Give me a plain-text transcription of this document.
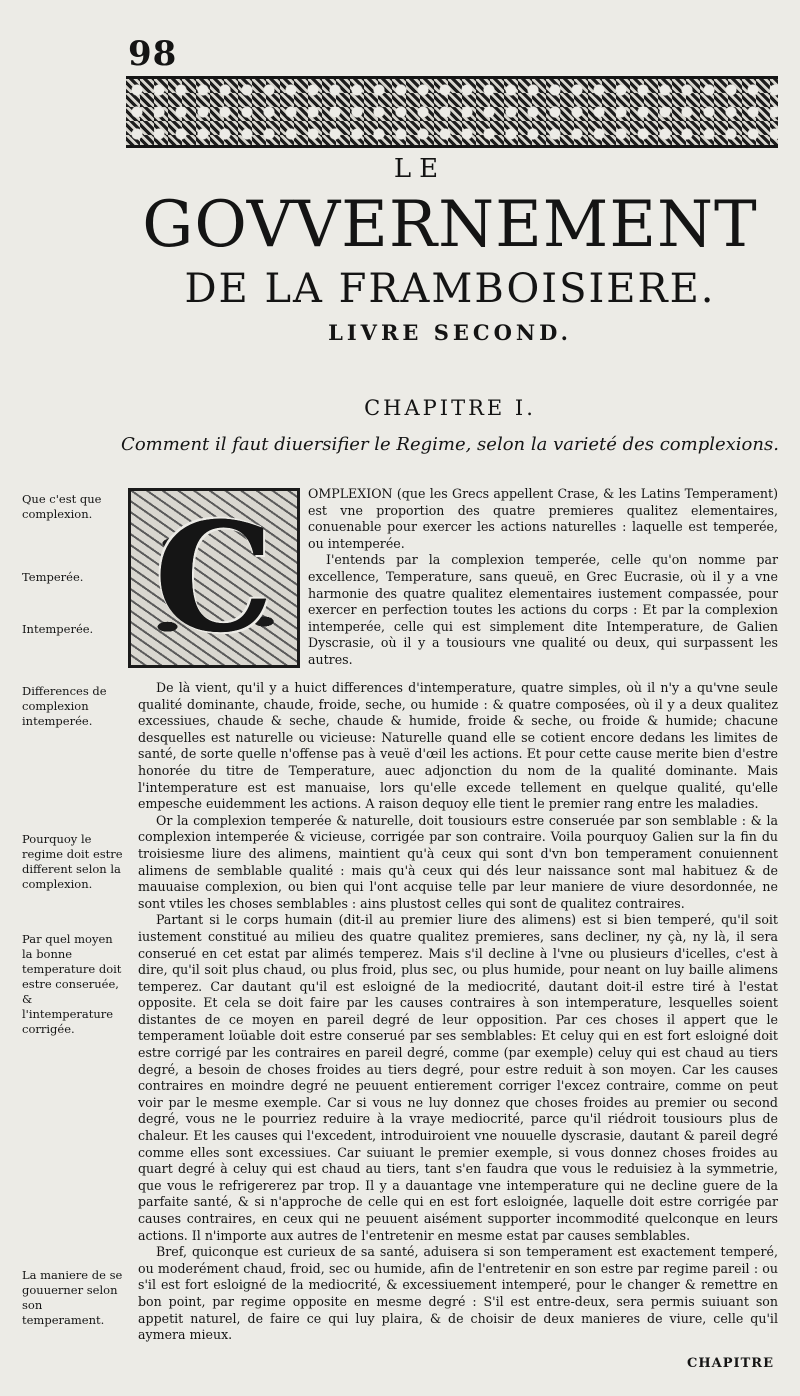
98
LE
GOVVERNEMENT
DE LA FRAMBOISIERE.
LIVRE SECOND.
CHAPITRE I.
Comment il faut diuersifier le Regime, selon la varieté des complexions.
Que c'est que complexion.
Temperée.
Intemperée.
Differences de complexion intemperée.
Pourquoy le regime doit estre different selon la complexion.
Par quel moyen la bonne temperature doit estre conseruée, & l'intemperature corrigée.
La maniere de se gouuerner selon son temperament.
C	OMPLEXION (que les Grecs appellent Crase, & les Latins Temperament) est vne proportion des quatre premieres qualitez elementaires, conuenable pour exercer les actions naturelles : laquelle est temperée, ou intemperée.

I'entends par la complexion temperée, celle qu'on nomme par excellence, Temperature, sans queuë, en Grec Eucrasie, où il y a vne harmonie des quatre qualitez elementaires iustement compassée, pour exercer en perfection toutes les actions du corps : Et par la complexion intemperée, celle qui est simplement dite Intemperature, de Galien Dyscrasie, où il y a tousiours vne qualité ou deux, qui surpassent les autres.

De là vient, qu'il y a huict differences d'intemperature, quatre simples, où il n'y a qu'vne seule qualité dominante, chaude, froide, seche, ou humide : & quatre composées, où il y a deux qualitez excessiues, chaude & seche, chaude & humide, froide & seche, ou froide & humide; chacune desquelles est naturelle ou vicieuse: Naturelle quand elle se cotient encore dedans les limites de santé, de sorte quelle n'offense pas à veuë d'œil les actions. Et pour cette cause merite bien d'estre honorée du titre de Temperature, auec adjonction du nom de la qualité dominante. Mais l'intemperature est est manuaise, lors qu'elle excede tellement en quelque qualité, qu'elle empesche euidemment les actions. A raison dequoy elle tient le premier rang entre les maladies.

Or la complexion temperée & naturelle, doit tousiours estre conseruée par son semblable : & la complexion intemperée & vicieuse, corrigée par son contraire. Voila pourquoy Galien sur la fin du troisiesme liure des alimens, maintient qu'à ceux qui sont d'vn bon temperament conuiennent alimens de semblable qualité : mais qu'à ceux qui dés leur naissance sont mal habituez & de mauuaise complexion, ou bien qui l'ont acquise telle par leur maniere de viure desordonnée, ne sont vtiles les choses semblables : ains plustost celles qui sont de qualitez contraires.

Partant si le corps humain (dit-il au premier liure des alimens) est si bien temperé, qu'il soit iustement constitué au milieu des quatre qualitez premieres, sans decliner, ny çà, ny là, il sera conserué en cet estat par alimés temperez. Mais s'il decline à l'vne ou plusieurs d'icelles, c'est à dire, qu'il soit plus chaud, ou plus froid, plus sec, ou plus humide, pour neant on luy baille alimens temperez. Car dautant qu'il est esloigné de la mediocrité, dautant doit-il estre tiré à l'estat opposite. Et cela se doit faire par les causes contraires à son intemperature, lesquelles soient distantes de ce moyen en pareil degré de leur opposition. Par ces choses il appert que le temperament loüable doit estre conserué par ses semblables: Et celuy qui en est fort esloigné doit estre corrigé par les contraires en pareil degré, comme (par exemple) celuy qui est chaud au tiers degré, a besoin de choses froides au tiers degré, pour estre reduit à son moyen. Car les causes contraires en moindre degré ne peuuent entierement corriger l'excez contraire, comme on peut voir par le mesme exemple. Car si vous ne luy donnez que choses froides au premier ou second degré, vous ne le pourriez reduire à la vraye mediocrité, parce qu'il riédroit tousiours plus de chaleur. Et les causes qui l'excedent, introduiroient vne nouuelle dyscrasie, dautant & pareil degré comme elles sont excessiues. Car suiuant le premier exemple, si vous donnez choses froides au quart degré à celuy qui est chaud au tiers, tant s'en faudra que vous le reduisiez à la symmetrie, que vous le refrigererez par trop. Il y a dauantage vne intemperature qui ne decline guere de la parfaite santé, & si n'approche de celle qui en est fort esloignée, laquelle doit estre corrigée par causes contraires, en ceux qui ne peuuent aisément supporter incommodité quelconque en leurs actions. Il n'importe aux autres de l'entretenir en mesme estat par causes semblables.

Bref, quiconque est curieux de sa santé, aduisera si son temperament est exactement temperé, ou moderément chaud, froid, sec ou humide, afin de l'entretenir en son estre par regime pareil : ou s'il est fort esloigné de la mediocrité, & excessiuement intemperé, pour le changer & remettre en bon point, par regime opposite en mesme degré : S'il est entre-deux, sera permis suiuant son appetit naturel, de faire ce qui luy plaira, & de choisir de deux manieres de viure, celle qu'il aymera mieux.

CHAPITRE
